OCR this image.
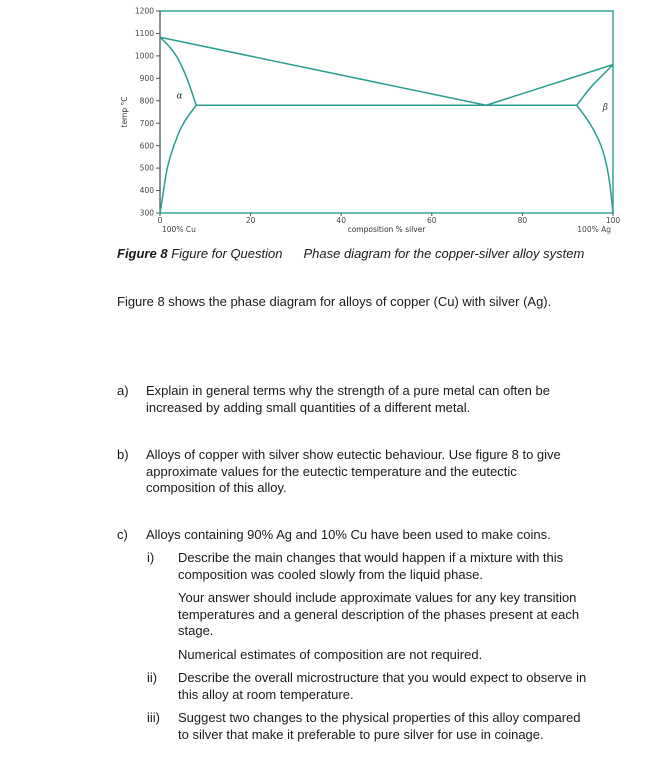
300
400
500
600
700
800
900
1000
1100
1200
0	20	40	60	80	100
100% Cu	100% Ag
composition % silver
temp °C	α
β
Figure 8 Figure for Question Phase diagram for the copper-silver alloy system
Figure 8 shows the phase diagram for alloys of copper (Cu) with silver (Ag).
a) Explain in general terms why the strength of a pure metal can often be
increased by adding small quantities of a different metal.
b) Alloys of copper with silver show eutectic behaviour. Use figure 8 to give
approximate values for the eutectic temperature and the eutectic
composition of this alloy.
c) Alloys containing 90% Ag and 10% Cu have been used to make coins.
i) Describe the main changes that would happen if a mixture with this
composition was cooled slowly from the liquid phase.
Your answer should include approximate values for any key transition
temperatures and a general description of the phases present at each
stage.
Numerical estimates of composition are not required.
ii) Describe the overall microstructure that you would expect to observe in
this alloy at room temperature.
iii) Suggest two changes to the physical properties of this alloy compared
to silver that make it preferable to pure silver for use in coinage.
